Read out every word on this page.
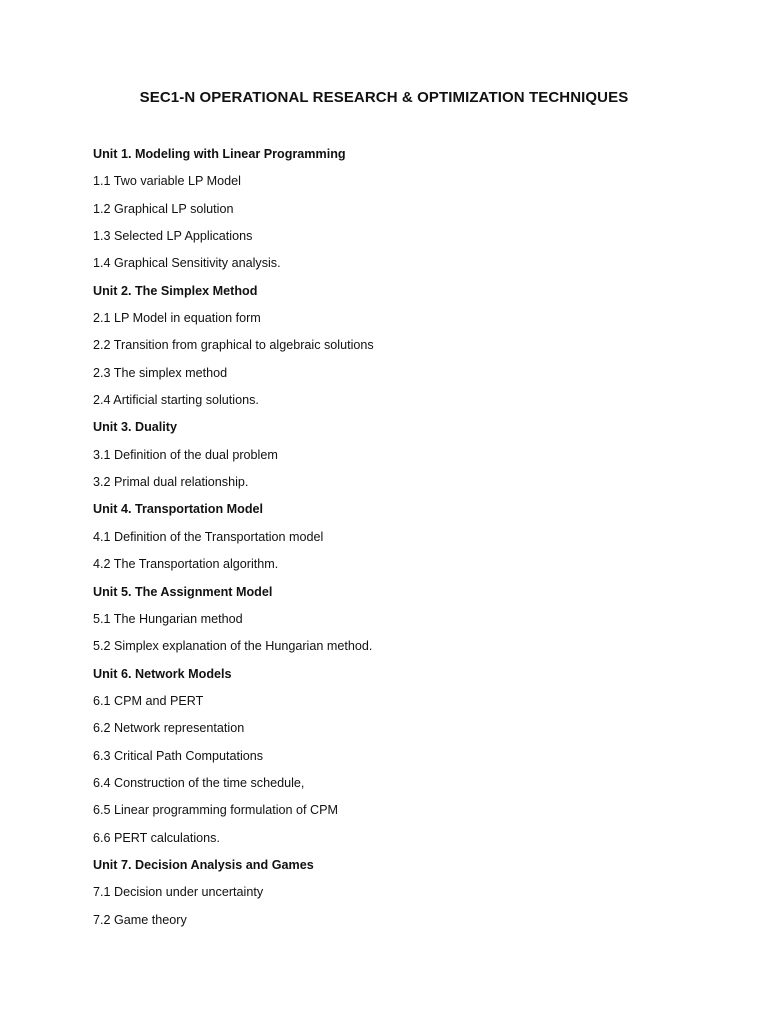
SEC1-N OPERATIONAL RESEARCH & OPTIMIZATION TECHNIQUES
Unit 1. Modeling with Linear Programming
1.1 Two variable LP Model
1.2 Graphical LP solution
1.3 Selected LP Applications
1.4 Graphical Sensitivity analysis.
Unit 2. The Simplex Method
2.1 LP Model in equation form
2.2 Transition from graphical to algebraic solutions
2.3 The simplex method
2.4 Artificial starting solutions.
Unit 3. Duality
3.1 Definition of the dual problem
3.2 Primal dual relationship.
Unit 4. Transportation Model
4.1 Definition of the Transportation model
4.2 The Transportation algorithm.
Unit 5. The Assignment Model
5.1 The Hungarian method
5.2 Simplex explanation of the Hungarian method.
Unit 6. Network Models
6.1 CPM and PERT
6.2 Network representation
6.3 Critical Path Computations
6.4 Construction of the time schedule,
6.5 Linear programming formulation of CPM
6.6 PERT calculations.
Unit 7. Decision Analysis and Games
7.1 Decision under uncertainty
7.2 Game theory
